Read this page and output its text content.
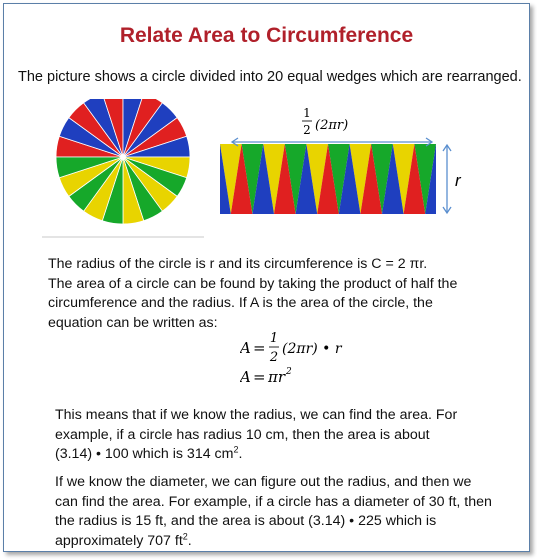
Relate Area to Circumference
The picture shows a circle divided into 20 equal wedges which are rearranged.
1
2 (2πr)
r
The radius of the circle is r and its circumference is C = 2 πr.
The area of a circle can be found by taking the product of half the
circumference and the radius. If A is the area of the circle, the
equation can be written as:
A =
1
2
(2πr) • r
A = πr 2
This means that if we know the radius, we can find the area. For
example, if a circle has radius 10 cm, then the area is about
(3.14) • 100 which is 314 $cm^2$.
If we know the diameter, we can figure out the radius, and then we
can find the area. For example, if a circle has a diameter of 30 ft, then
the radius is 15 ft, and the area is about (3.14) • 225 which is
approximately 707 $ft^2$.
